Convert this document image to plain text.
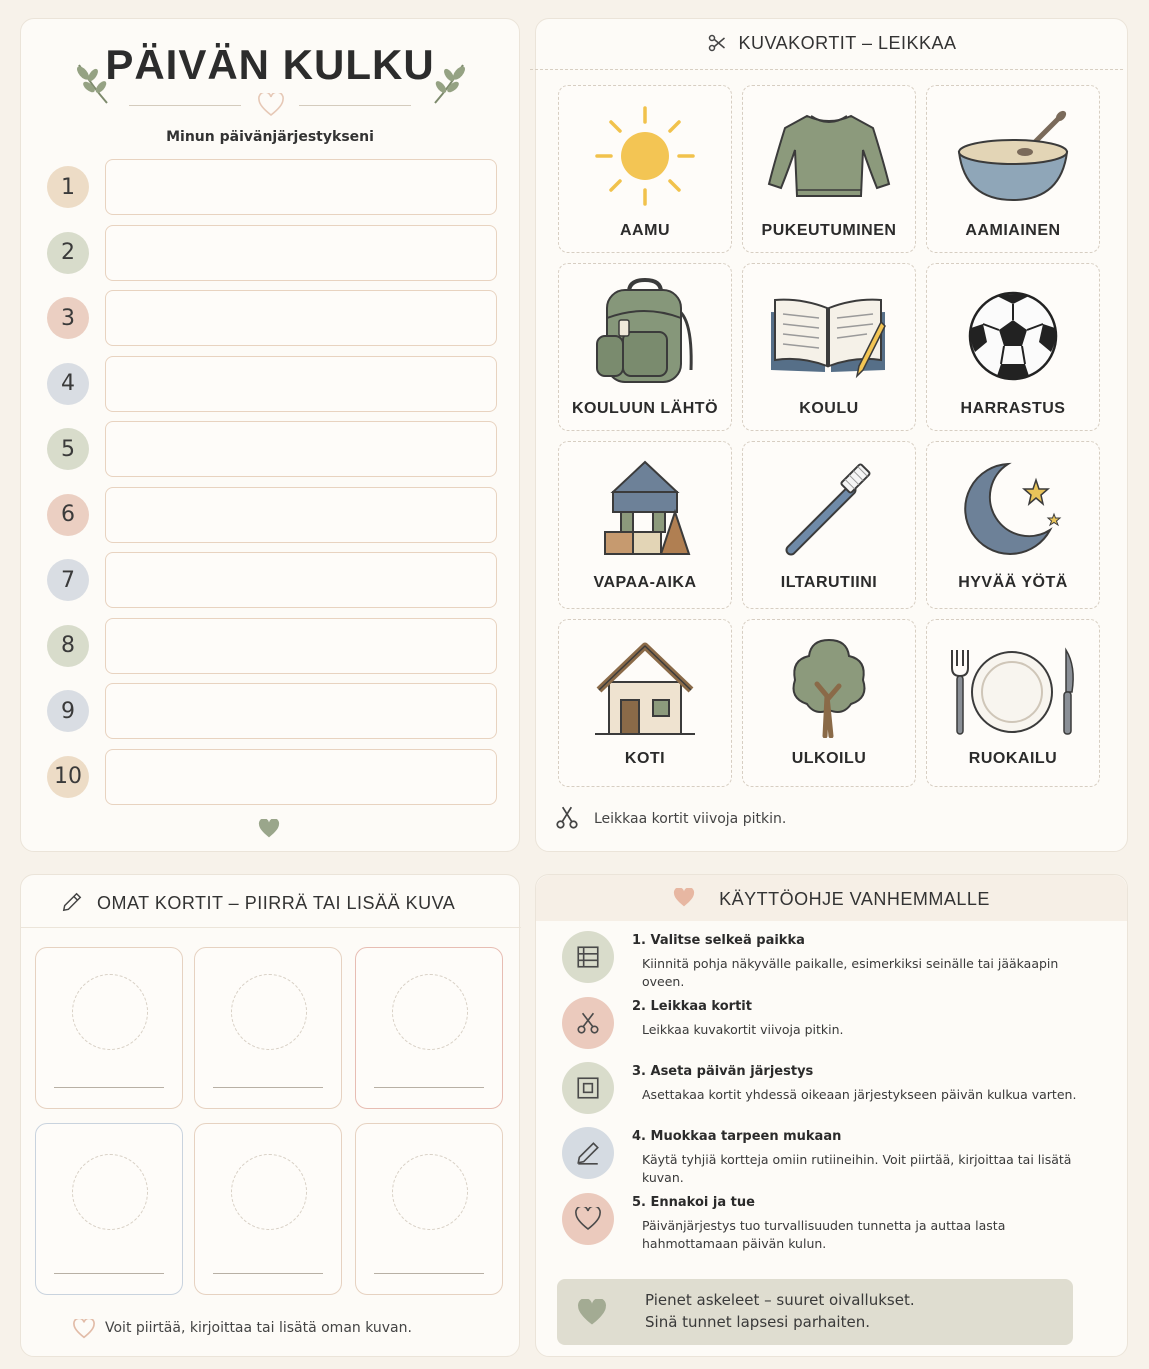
PÄIVÄN KULKU
Minun päivänjärjestykseni
1
2
3
4
5
6
7
8
9
10
KUVAKORTIT – LEIKKAA
AAMU	PUKEUTUMINEN	AAMIAINEN
KOULUUN LÄHTÖ	KOULU	HARRASTUS
VAPAA-AIKA	ILTARUTIINI	HYVÄÄ YÖTÄ
KOTI	ULKOILU	RUOKAILU
Leikkaa kortit viivoja pitkin.
OMAT KORTIT – PIIRRÄ TAI LISÄÄ KUVA
Voit piirtää, kirjoittaa tai lisätä oman kuvan.
KÄYTTÖOHJE VANHEMMALLE
1. Valitse selkeä paikka
Kiinnitä pohja näkyvälle paikalle, esimerkiksi seinälle tai jääkaapin oveen.
2. Leikkaa kortit
Leikkaa kuvakortit viivoja pitkin.
3. Aseta päivän järjestys
Asettakaa kortit yhdessä oikeaan järjestykseen päivän kulkua varten.
4. Muokkaa tarpeen mukaan
Käytä tyhjiä kortteja omiin rutiineihin. Voit piirtää, kirjoittaa tai lisätä kuvan.
5. Ennakoi ja tue
Päivänjärjestys tuo turvallisuuden tunnetta ja auttaa lasta hahmottamaan päivän kulun.
Pienet askeleet – suuret oivallukset.
Sinä tunnet lapsesi parhaiten.
